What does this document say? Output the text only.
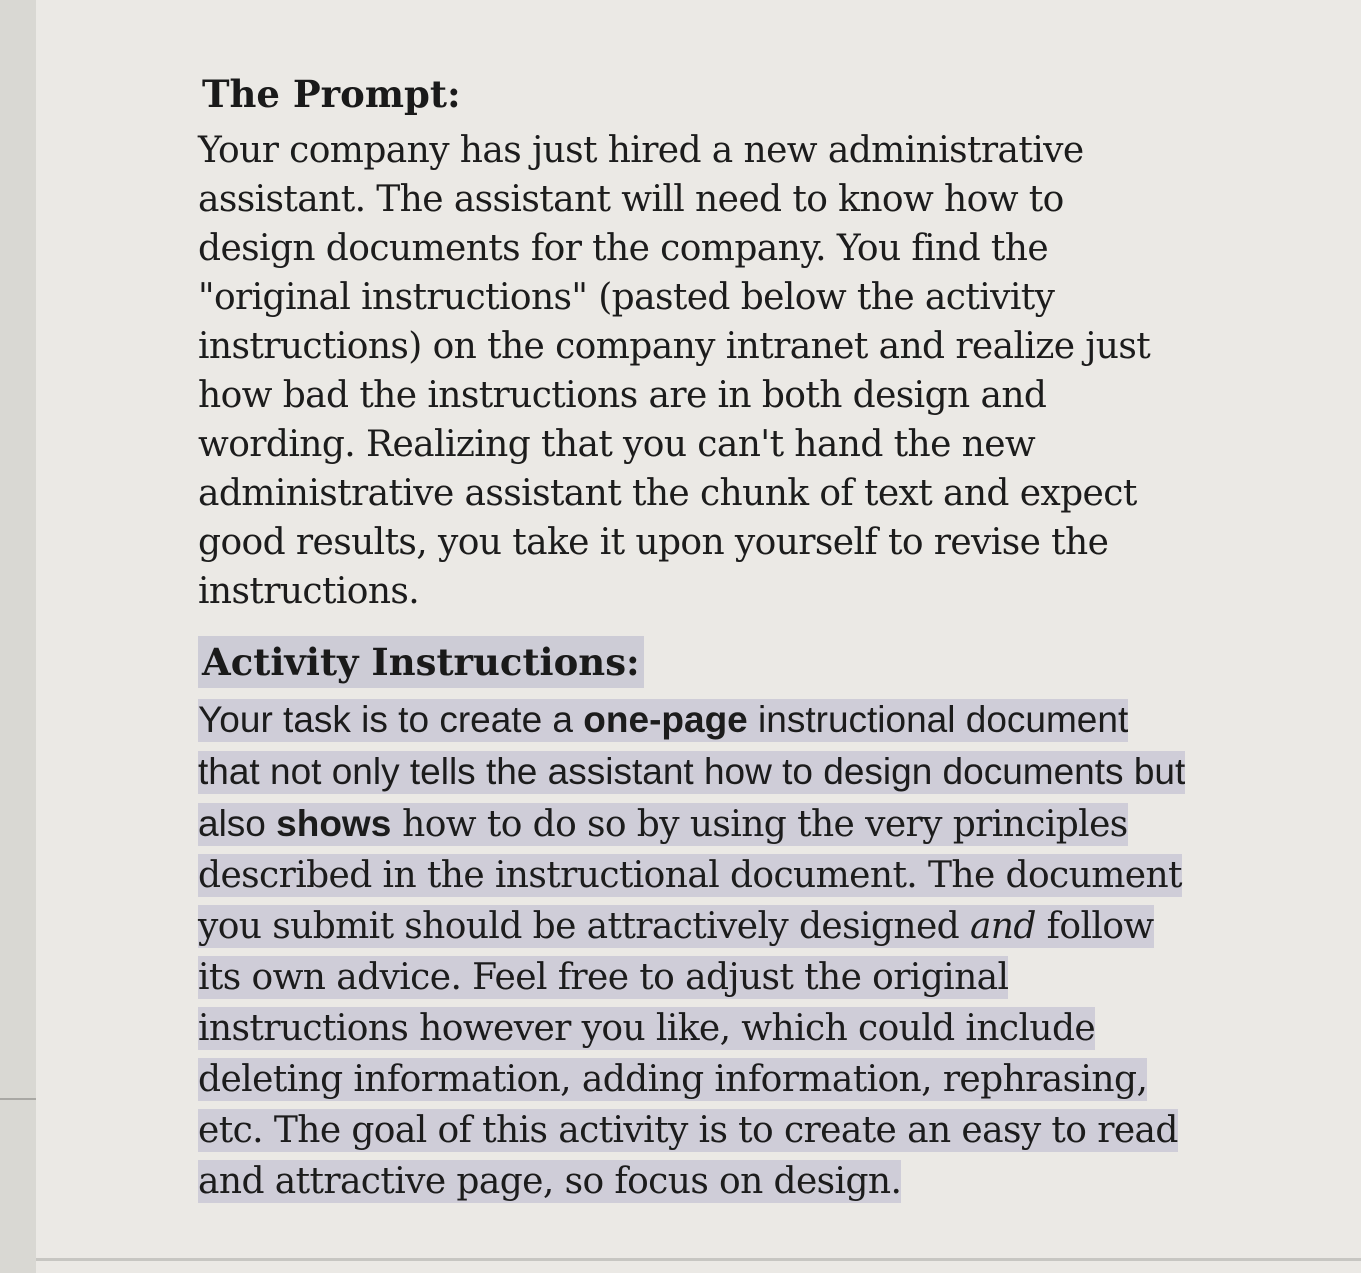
The Prompt:

Your company has just hired a new administrative assistant. The assistant will need to know how to design documents for the company. You find the "original instructions" (pasted below the activity instructions) on the company intranet and realize just how bad the instructions are in both design and wording. Realizing that you can't hand the new administrative assistant the chunk of text and expect good results, you take it upon yourself to revise the instructions.

Activity Instructions:

Your task is to create a one-page instructional document that not only tells the assistant how to design documents but also shows how to do so by using the very principles described in the instructional document. The document you submit should be attractively designed and follow its own advice. Feel free to adjust the original instructions however you like, which could include deleting information, adding information, rephrasing, etc. The goal of this activity is to create an easy to read and attractive page, so focus on design.
